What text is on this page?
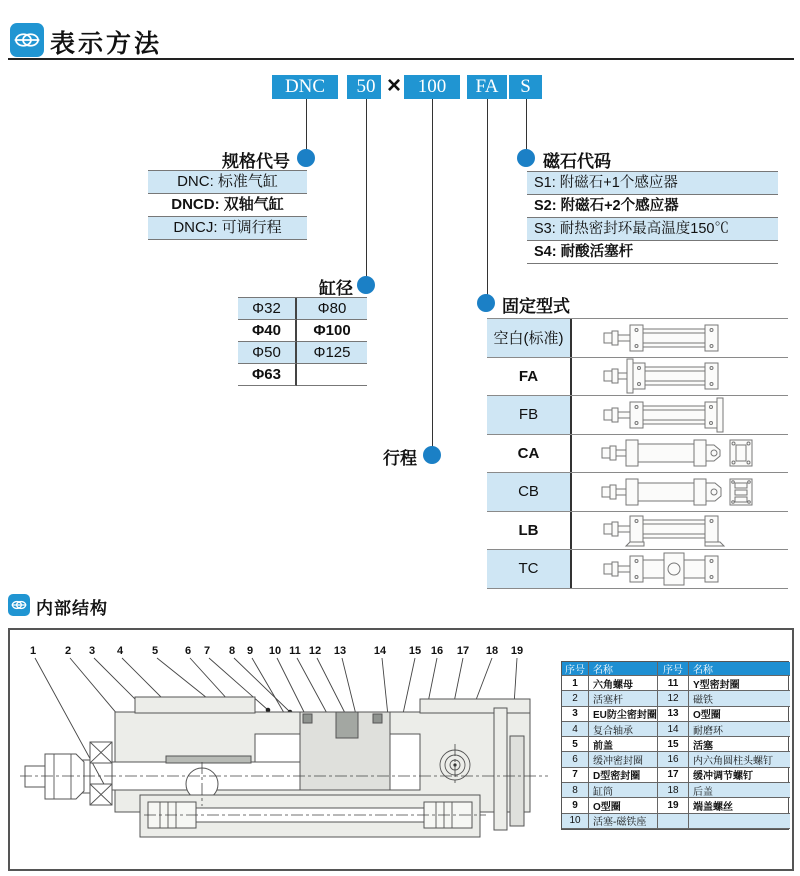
表示方法
DNC	50 × 100	FA	S
规格代号
DNC: 标准气缸
DNCD: 双轴气缸
DNCJ: 可调行程
磁石代码
S1: 附磁石+1个感应器
S2: 附磁石+2个感应器
S3: 耐热密封环最高温度150℃
S4: 耐酸活塞杆
缸径
Φ32	Φ80
Φ40	Φ100
Φ50	Φ125
Φ63
行程
固定型式
空白(标准)
FA
FB
CA
CB
LB
TC
内部结构
1	2 3 4	5 6 7 8 9 10 11 12 13	14 15 16 17 18 19
序号 名称	序号	名称
1	六角螺母	11	Y型密封圈
2	活塞杆	12	磁铁
3	EU防尘密封圈	13	O型圈
4	复合轴承	14	耐磨环
5	前盖	15	活塞
6	缓冲密封圈	16	内六角圆柱头螺钉
7	D型密封圈	17	缓冲调节螺钉
8	缸筒	18	后盖
9	O型圈	19	端盖螺丝
10	活塞-磁铁座
